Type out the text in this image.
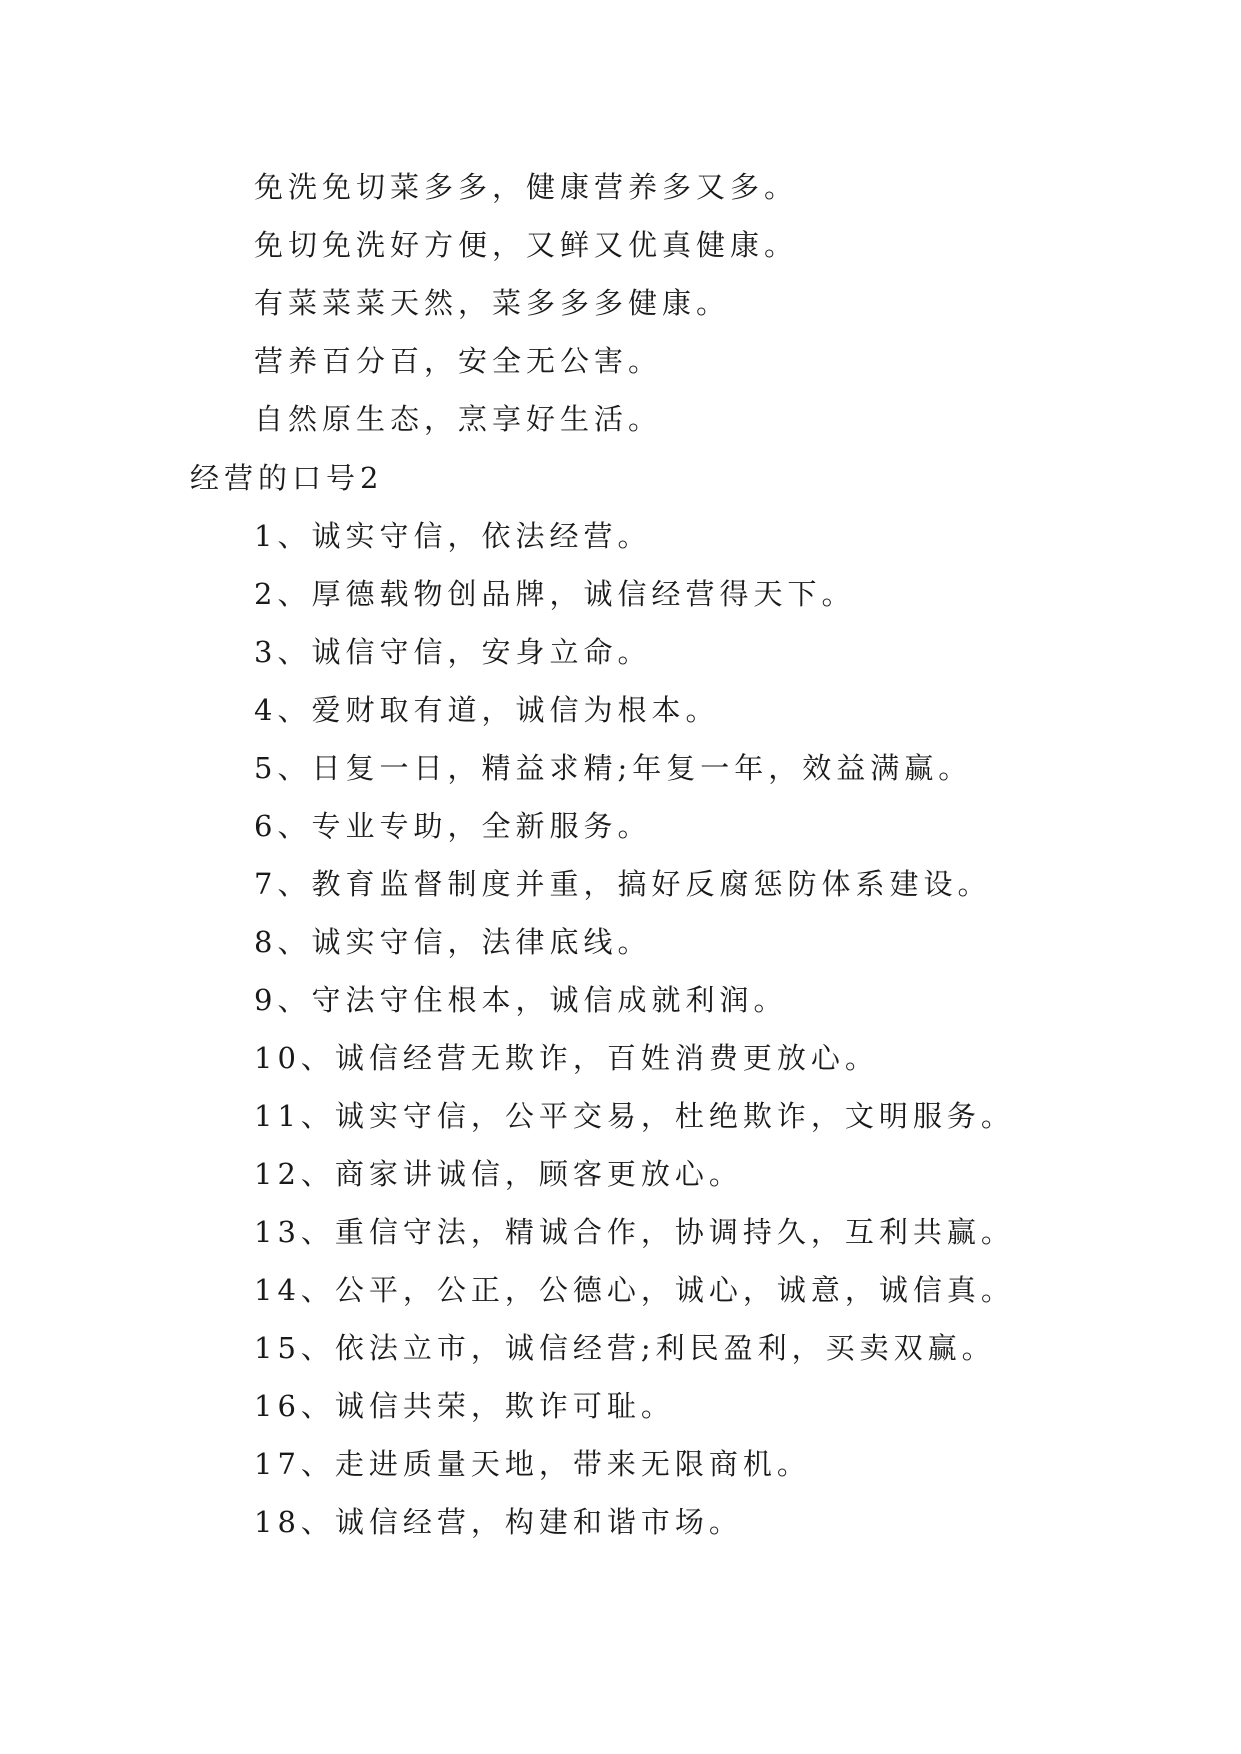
免洗免切菜多多，健康营养多又多。
免切免洗好方便，又鲜又优真健康。
有菜菜菜天然，菜多多多健康。
营养百分百，安全无公害。
自然原生态，烹享好生活。
经营的口号2
1、诚实守信，依法经营。
2、厚德载物创品牌，诚信经营得天下。
3、诚信守信，安身立命。
4、爱财取有道，诚信为根本。
5、日复一日，精益求精;年复一年，效益满赢。
6、专业专助，全新服务。
7、教育监督制度并重，搞好反腐惩防体系建设。
8、诚实守信，法律底线。
9、守法守住根本，诚信成就利润。
10、诚信经营无欺诈，百姓消费更放心。
11、诚实守信，公平交易，杜绝欺诈，文明服务。
12、商家讲诚信，顾客更放心。
13、重信守法，精诚合作，协调持久，互利共赢。
14、公平，公正，公德心，诚心，诚意，诚信真。
15、依法立市，诚信经营;利民盈利，买卖双赢。
16、诚信共荣，欺诈可耻。
17、走进质量天地，带来无限商机。
18、诚信经营，构建和谐市场。
